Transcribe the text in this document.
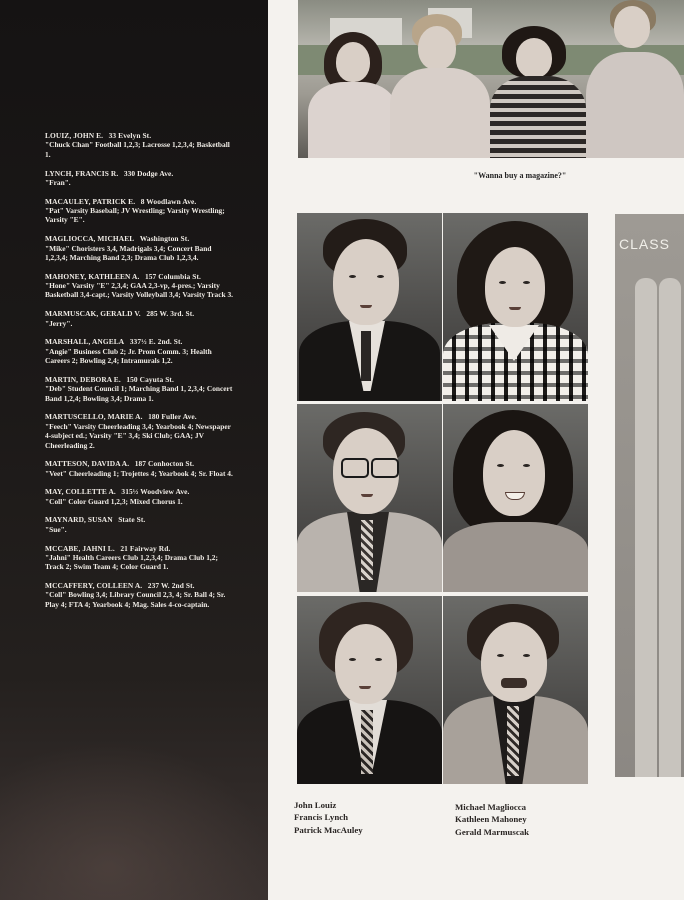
LOUIZ, JOHN E. 33 Evelyn St.
"Chuck Chan" Football 1,2,3; Lacrosse 1,2,3,4; Basketball 1.
LYNCH, FRANCIS R. 330 Dodge Ave.
"Fran".
MACAULEY, PATRICK E. 8 Woodlawn Ave.
"Pat" Varsity Baseball; JV Wrestling; Varsity Wrestling; Varsity "E".
MAGLIOCCA, MICHAEL Washington St.
"Mike" Choristers 3,4, Madrigals 3,4; Concert Band 1,2,3,4; Marching Band 2,3; Drama Club 1,2,3,4.
MAHONEY, KATHLEEN A. 157 Columbia St.
"Hone" Varsity "E" 2,3,4; GAA 2,3-vp, 4-pres.; Varsity Basketball 3,4-capt.; Varsity Volleyball 3,4; Varsity Track 3.
MARMUSCAK, GERALD V. 285 W. 3rd. St.
"Jerry".
MARSHALL, ANGELA 337½ E. 2nd. St.
"Angie" Business Club 2; Jr. Prom Comm. 3; Health Careers 2; Bowling 2,4; Intramurals 1,2.
MARTIN, DEBORA E. 150 Cayuta St.
"Deb" Student Council 1; Marching Band 1, 2,3,4; Concert Band 1,2,4; Bowling 3,4; Drama 1.
MARTUSCELLO, MARIE A. 180 Fuller Ave.
"Feech" Varsity Cheerleading 3,4; Yearbook 4; Newspaper 4-subject ed.; Varsity "E" 3,4; Ski Club; GAA; JV Cheerleading 2.
MATTESON, DAVIDA A. 187 Conhocton St.
"Veet" Cheerleading 1; Trojettes 4; Yearbook 4; Sr. Float 4.
MAY, COLLETTE A. 315½ Woodview Ave.
"Coll" Color Guard 1,2,3; Mixed Chorus 1.
MAYNARD, SUSAN State St.
"Sue".
MCCABE, JAHNI L. 21 Fairway Rd.
"Jahni" Health Careers Club 1,2,3,4; Drama Club 1,2; Track 2; Swim Team 4; Color Guard 1.
MCCAFFERY, COLLEEN A. 237 W. 2nd St.
"Coll" Bowling 3,4; Library Council 2,3, 4; Sr. Ball 4; Sr. Play 4; FTA 4; Yearbook 4; Mag. Sales 4-co-captain.
"Wanna buy a magazine?"
CLASS
John Louiz
Francis Lynch
Patrick MacAuley
Michael Magliocca
Kathleen Mahoney
Gerald Marmuscak
